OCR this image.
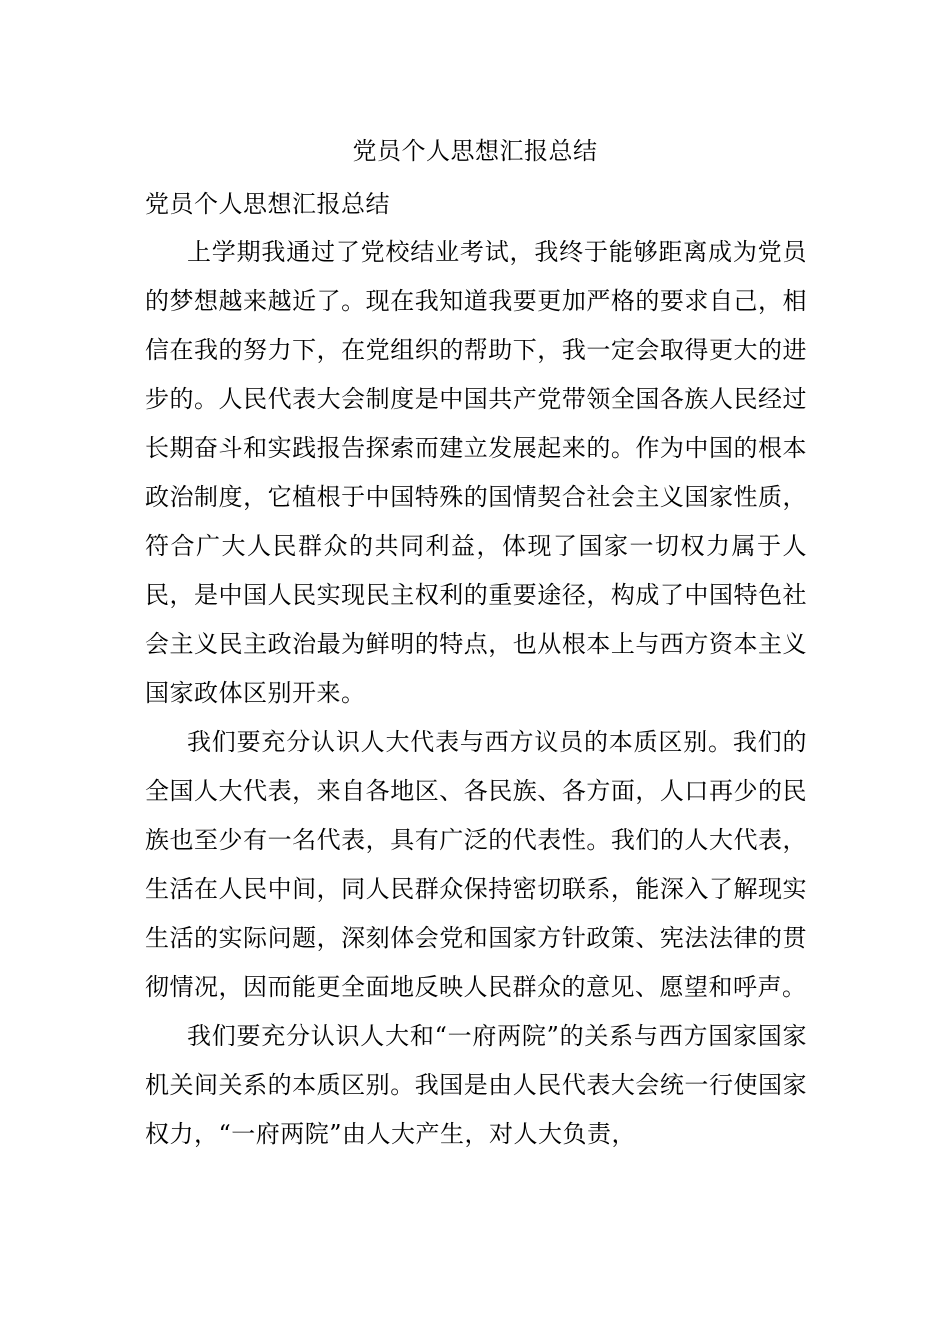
党员个人思想汇报总结

党员个人思想汇报总结

上学期我通过了党校结业考试，我终于能够距离成为党员的梦想越来越近了。现在我知道我要更加严格的要求自己，相信在我的努力下，在党组织的帮助下，我一定会取得更大的进步的。人民代表大会制度是中国共产党带领全国各族人民经过长期奋斗和实践报告探索而建立发展起来的。作为中国的根本政治制度，它植根于中国特殊的国情契合社会主义国家性质，符合广大人民群众的共同利益，体现了国家一切权力属于人民，是中国人民实现民主权利的重要途径，构成了中国特色社会主义民主政治最为鲜明的特点，也从根本上与西方资本主义国家政体区别开来。

我们要充分认识人大代表与西方议员的本质区别。我们的全国人大代表，来自各地区、各民族、各方面，人口再少的民族也至少有一名代表，具有广泛的代表性。我们的人大代表，生活在人民中间，同人民群众保持密切联系，能深入了解现实生活的实际问题，深刻体会党和国家方针政策、宪法法律的贯彻情况，因而能更全面地反映人民群众的意见、愿望和呼声。

我们要充分认识人大和“一府两院”的关系与西方国家国家机关间关系的本质区别。我国是由人民代表大会统一行使国家权力，“一府两院”由人大产生，对人大负责，
